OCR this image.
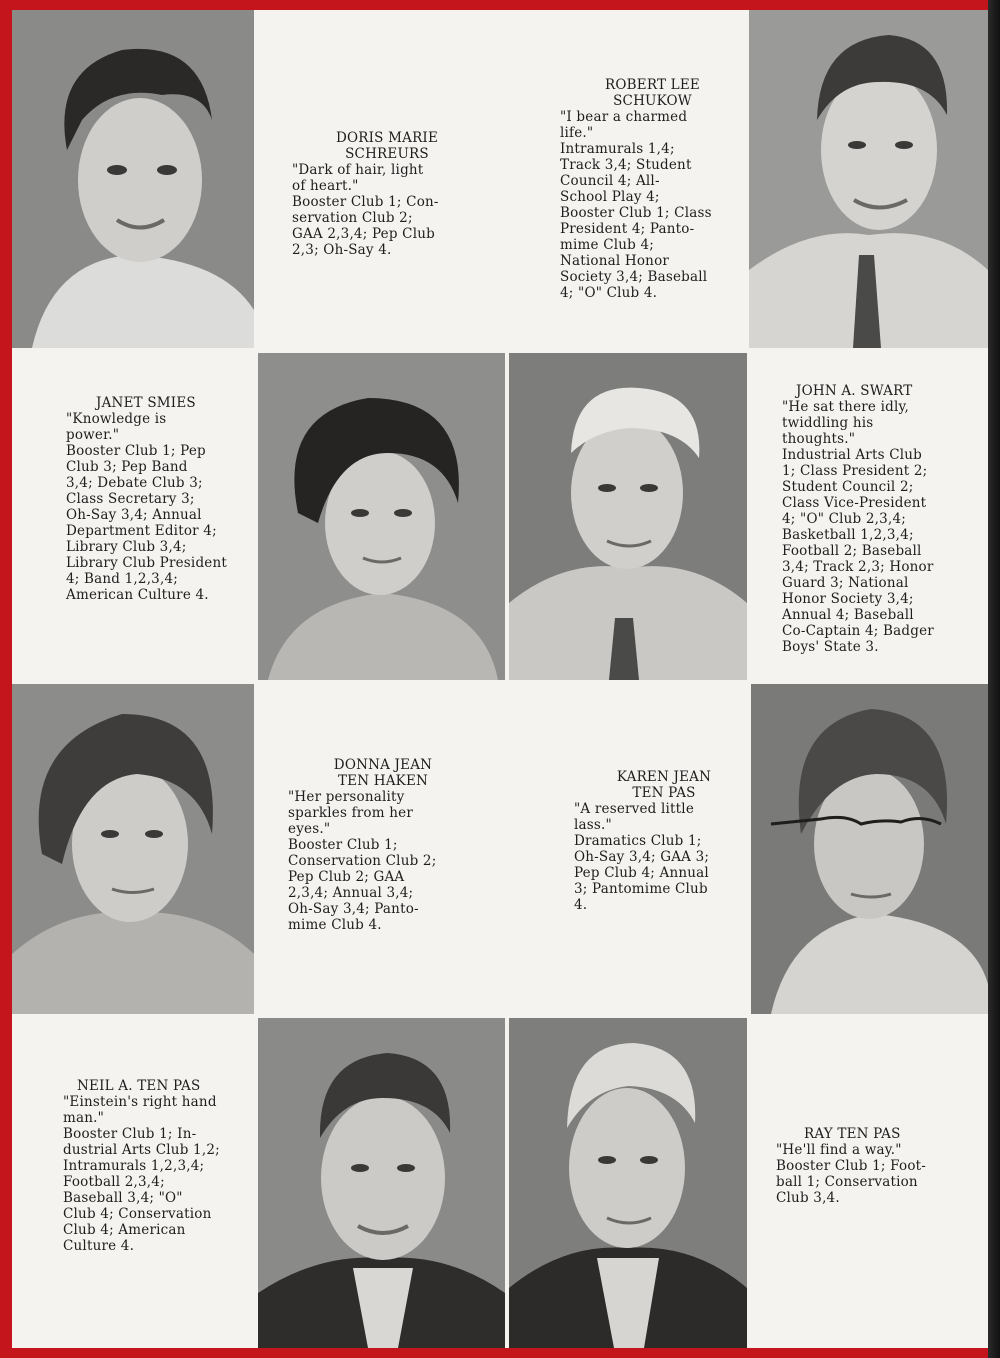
DORIS MARIE
SCHREURS
"Dark of hair, light
of heart."
Booster Club 1; Con-
servation Club 2;
GAA 2,3,4; Pep Club
2,3; Oh-Say 4.
ROBERT LEE
SCHUKOW
"I bear a charmed
life."
Intramurals 1,4;
Track 3,4; Student
Council 4; All-
School Play 4;
Booster Club 1; Class
President 4; Panto-
mime Club 4;
National Honor
Society 3,4; Baseball
4; "O" Club 4.
JANET SMIES
"Knowledge is
power."
Booster Club 1; Pep
Club 3; Pep Band
3,4; Debate Club 3;
Class Secretary 3;
Oh-Say 3,4; Annual
Department Editor 4;
Library Club 3,4;
Library Club President
4; Band 1,2,3,4;
American Culture 4.
JOHN A. SWART
"He sat there idly,
twiddling his
thoughts."
Industrial Arts Club
1; Class President 2;
Student Council 2;
Class Vice-President
4; "O" Club 2,3,4;
Basketball 1,2,3,4;
Football 2; Baseball
3,4; Track 2,3; Honor
Guard 3; National
Honor Society 3,4;
Annual 4; Baseball
Co-Captain 4; Badger
Boys' State 3.
DONNA JEAN
TEN HAKEN
"Her personality
sparkles from her
eyes."
Booster Club 1;
Conservation Club 2;
Pep Club 2; GAA
2,3,4; Annual 3,4;
Oh-Say 3,4; Panto-
mime Club 4.
KAREN JEAN
TEN PAS
"A reserved little
lass."
Dramatics Club 1;
Oh-Say 3,4; GAA 3;
Pep Club 4; Annual
3; Pantomime Club
4.
NEIL A. TEN PAS
"Einstein's right hand
man."
Booster Club 1; In-
dustrial Arts Club 1,2;
Intramurals 1,2,3,4;
Football 2,3,4;
Baseball 3,4; "O"
Club 4; Conservation
Club 4; American
Culture 4.
RAY TEN PAS
"He'll find a way."
Booster Club 1; Foot-
ball 1; Conservation
Club 3,4.
